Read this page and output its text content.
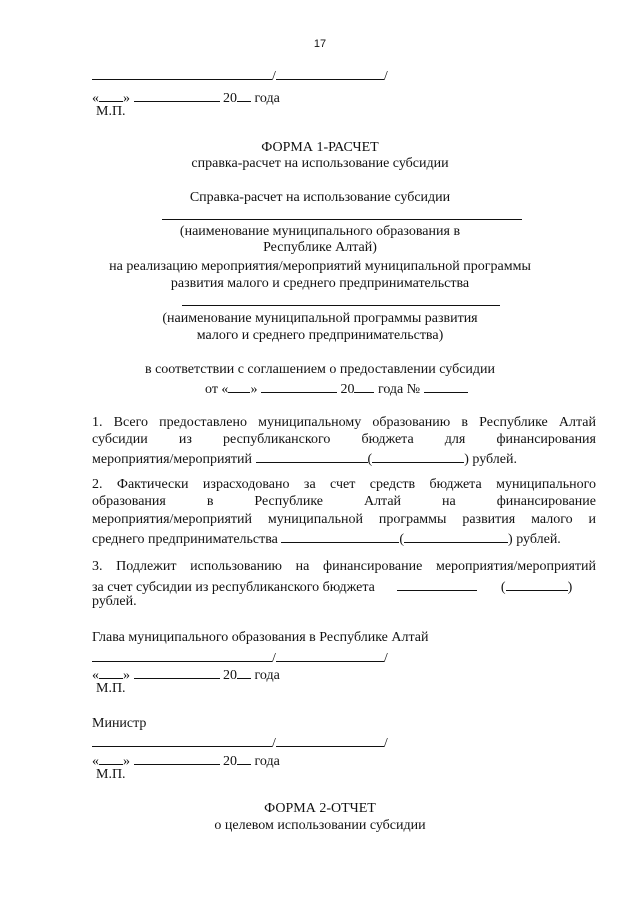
17
/	/
« »	20 года
М.П.
ФОРМА 1-РАСЧЕТ
справка-расчет на использование субсидии
Справка-расчет на использование субсидии
(наименование муниципального образования в
Республике Алтай)
на реализацию мероприятия/мероприятий муниципальной программы
развития малого и среднего предпринимательства
(наименование муниципальной программы развития
малого и среднего предпринимательства)
в соответствии с соглашением о предоставлении субсидии
от « »	20 года №
1. Всего предоставлено муниципальному образованию в Республике Алтай
субсидии из республиканского бюджета для финансирования
мероприятия/мероприятий	(	) рублей.
2. Фактически израсходовано за счет средств бюджета муниципального
образования в Республике Алтай на финансирование
мероприятия/мероприятий муниципальной программы развития малого и
среднего предпринимательства	(	) рублей.
3. Подлежит использованию на финансирование мероприятия/мероприятий
за счет субсидии из республиканского бюджета	(	)
рублей.
Глава муниципального образования в Республике Алтай
/	/
« »	20 года
М.П.
Министр
/	/
« »	20 года
М.П.
ФОРМА 2-ОТЧЕТ
о целевом использовании субсидии
